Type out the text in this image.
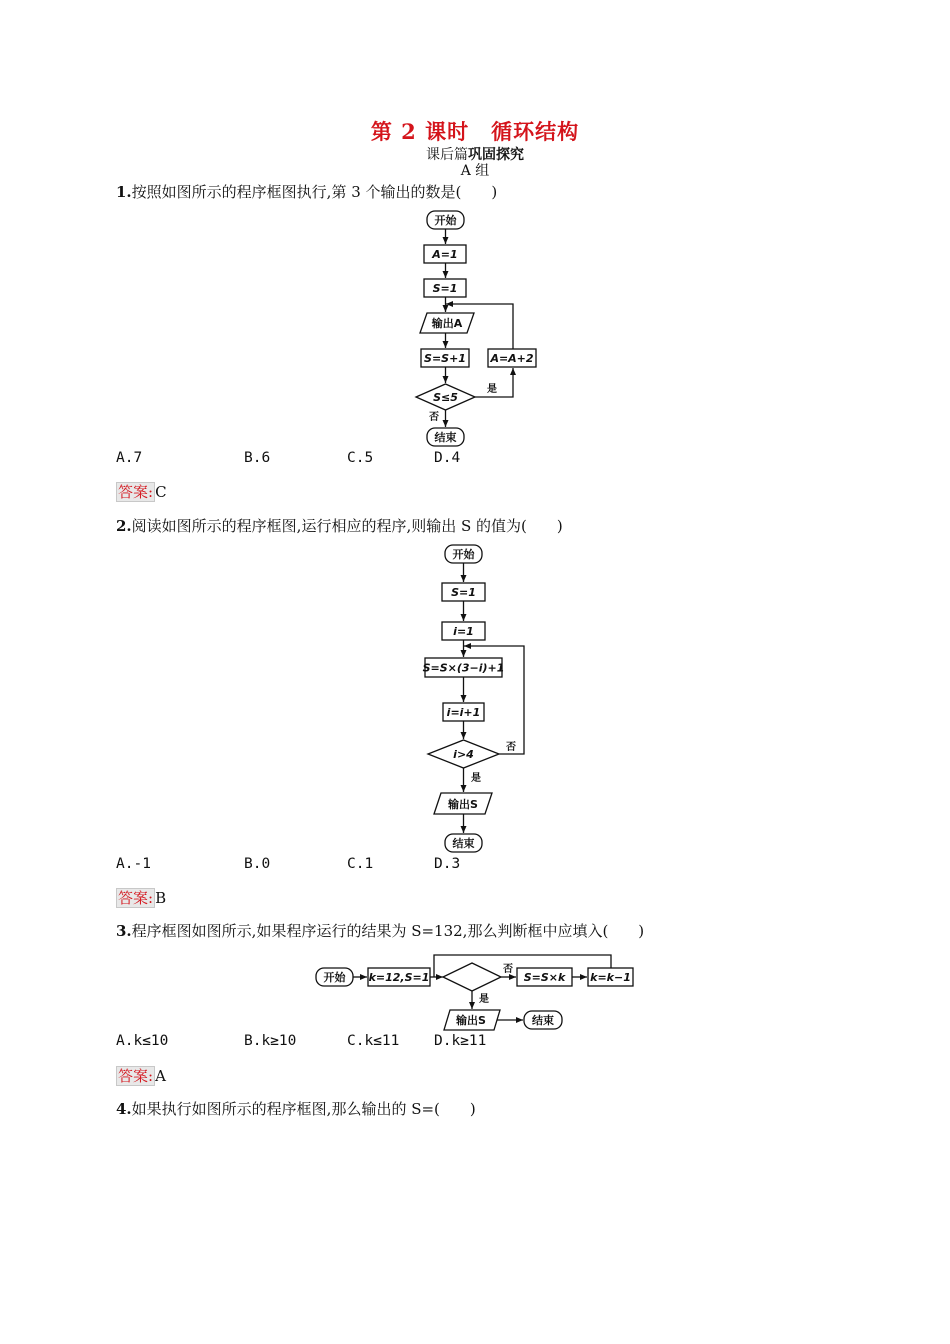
第 2 课时　循环结构
课后篇巩固探究
A 组
1.按照如图所示的程序框图执行,第 3 个输出的数是(　　)
开始
A=1
S=1
输出A
S=S+1
S≤5
是
A=A+2
否
结束
开始
S=1
i=1
S=S×(3−i)+1
i=i+1
i>4
否
是
输出S
结束
开始 k=12,S=1
否
S=S×k k=k−1
是
输出S	结束
A.7	B.6	C.5	D.4
答案: C
2.阅读如图所示的程序框图,运行相应的程序,则输出 S 的值为(　　)
A.-1	B.0	C.1	D.3
答案: B
3.程序框图如图所示,如果程序运行的结果为 S=132,那么判断框中应填入(　　)
A.k≤10	B.k≥10	C.k≤11 D.k≥11
答案: A
4.如果执行如图所示的程序框图,那么输出的 S=(　　)
